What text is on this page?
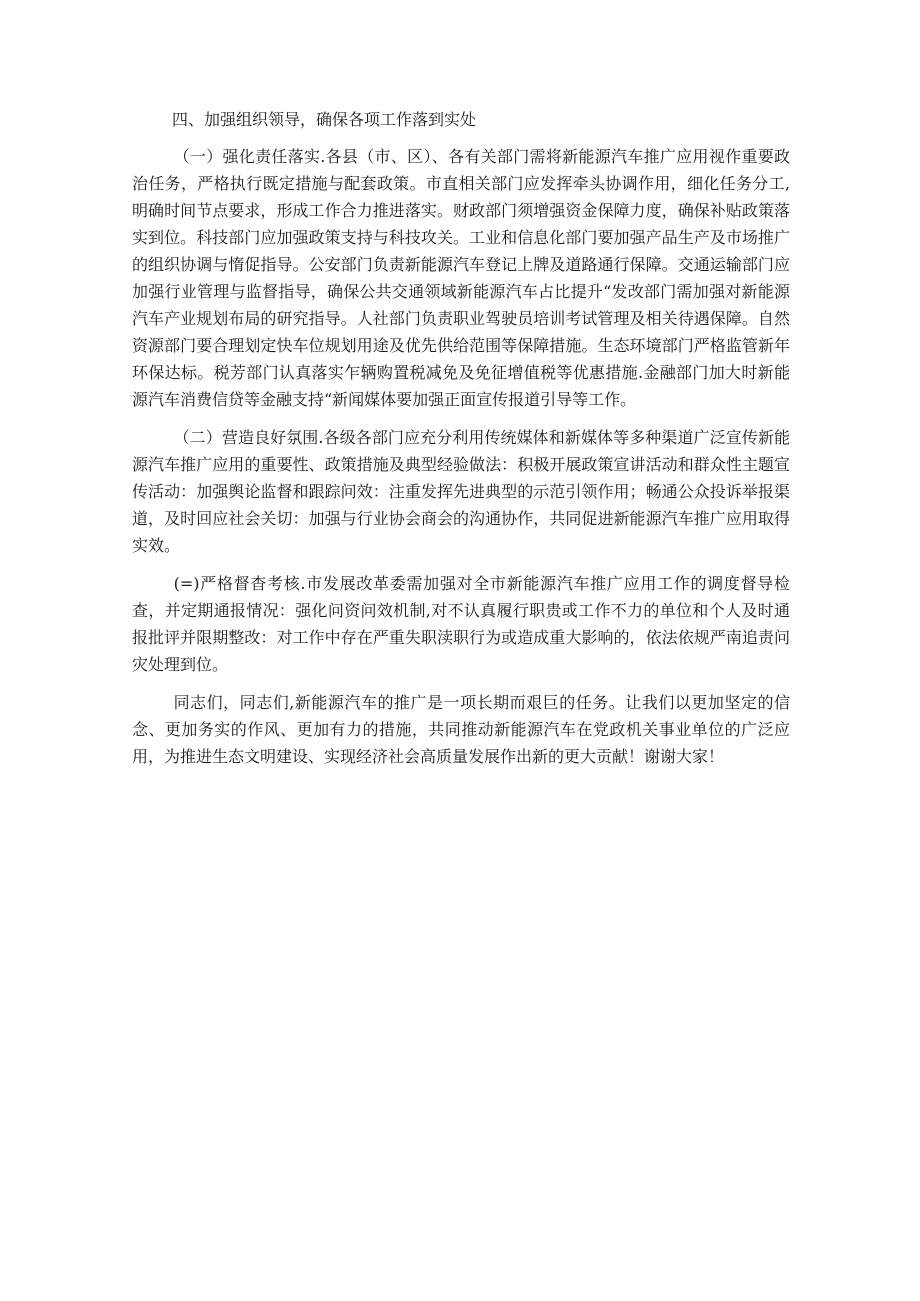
四、加强组织领导，确保各项工作落到实处

（一）强化责任落实.各县（市、区）、各有关部门需将新能源汽车推广应用视作重要政治任务，严格执行既定措施与配套政策。市直相关部门应发挥牵头协调作用，细化任务分工,明确时间节点要求，形成工作合力推进落实。财政部门须增强资金保障力度，确保补贴政策落实到位。科技部门应加强政策支持与科技攻关。工业和信息化部门要加强产品生产及市场推广的组织协调与惰促指导。公安部门负责新能源汽车登记上牌及道路通行保障。交通运输部门应加强行业管理与监督指导，确保公共交通领域新能源汽车占比提升“发改部门需加强对新能源汽车产业规划布局的研究指导。人社部门负责职业驾驶员培训考试管理及相关待遇保障。自然资源部门要合理划定快车位规划用途及优先供给范围等保障措施。生态环境部门严格监管新年环保达标。税芳部门认真落实乍辆购置税减免及免征增值税等优惠措施.金融部门加大时新能源汽车消费信贷等金融支持“新闻媒体要加强正面宣传报道引导等工作。

（二）营造良好氛围.各级各部门应充分利用传统媒体和新媒体等多种渠道广泛宣传新能源汽车推广应用的重要性、政策措施及典型经验做法：积极开展政策宣讲活动和群众性主题宣传活动：加强舆论监督和跟踪问效：注重发挥先进典型的示范引领作用；畅通公众投诉举报渠道，及时回应社会关切：加强与行业协会商会的沟通协作，共同促进新能源汽车推广应用取得实效。

(=)严格督杳考核.市发展改革委需加强对全市新能源汽车推广应用工作的调度督导检查，并定期通报情况：强化问资问效机制,对不认真履行职贵或工作不力的单位和个人及时通报批评并限期整改：对工作中存在严重失职渎职行为或造成重大影响的，依法依规严南追责问灾处理到位。

同志们，同志们,新能源汽车的推广是一项长期而艰巨的任务。让我们以更加坚定的信念、更加务实的作风、更加有力的措施，共同推动新能源汽车在党政机关事业单位的广泛应用，为推进生态文明建设、实现经济社会高质量发展作出新的更大贡献！谢谢大家！
